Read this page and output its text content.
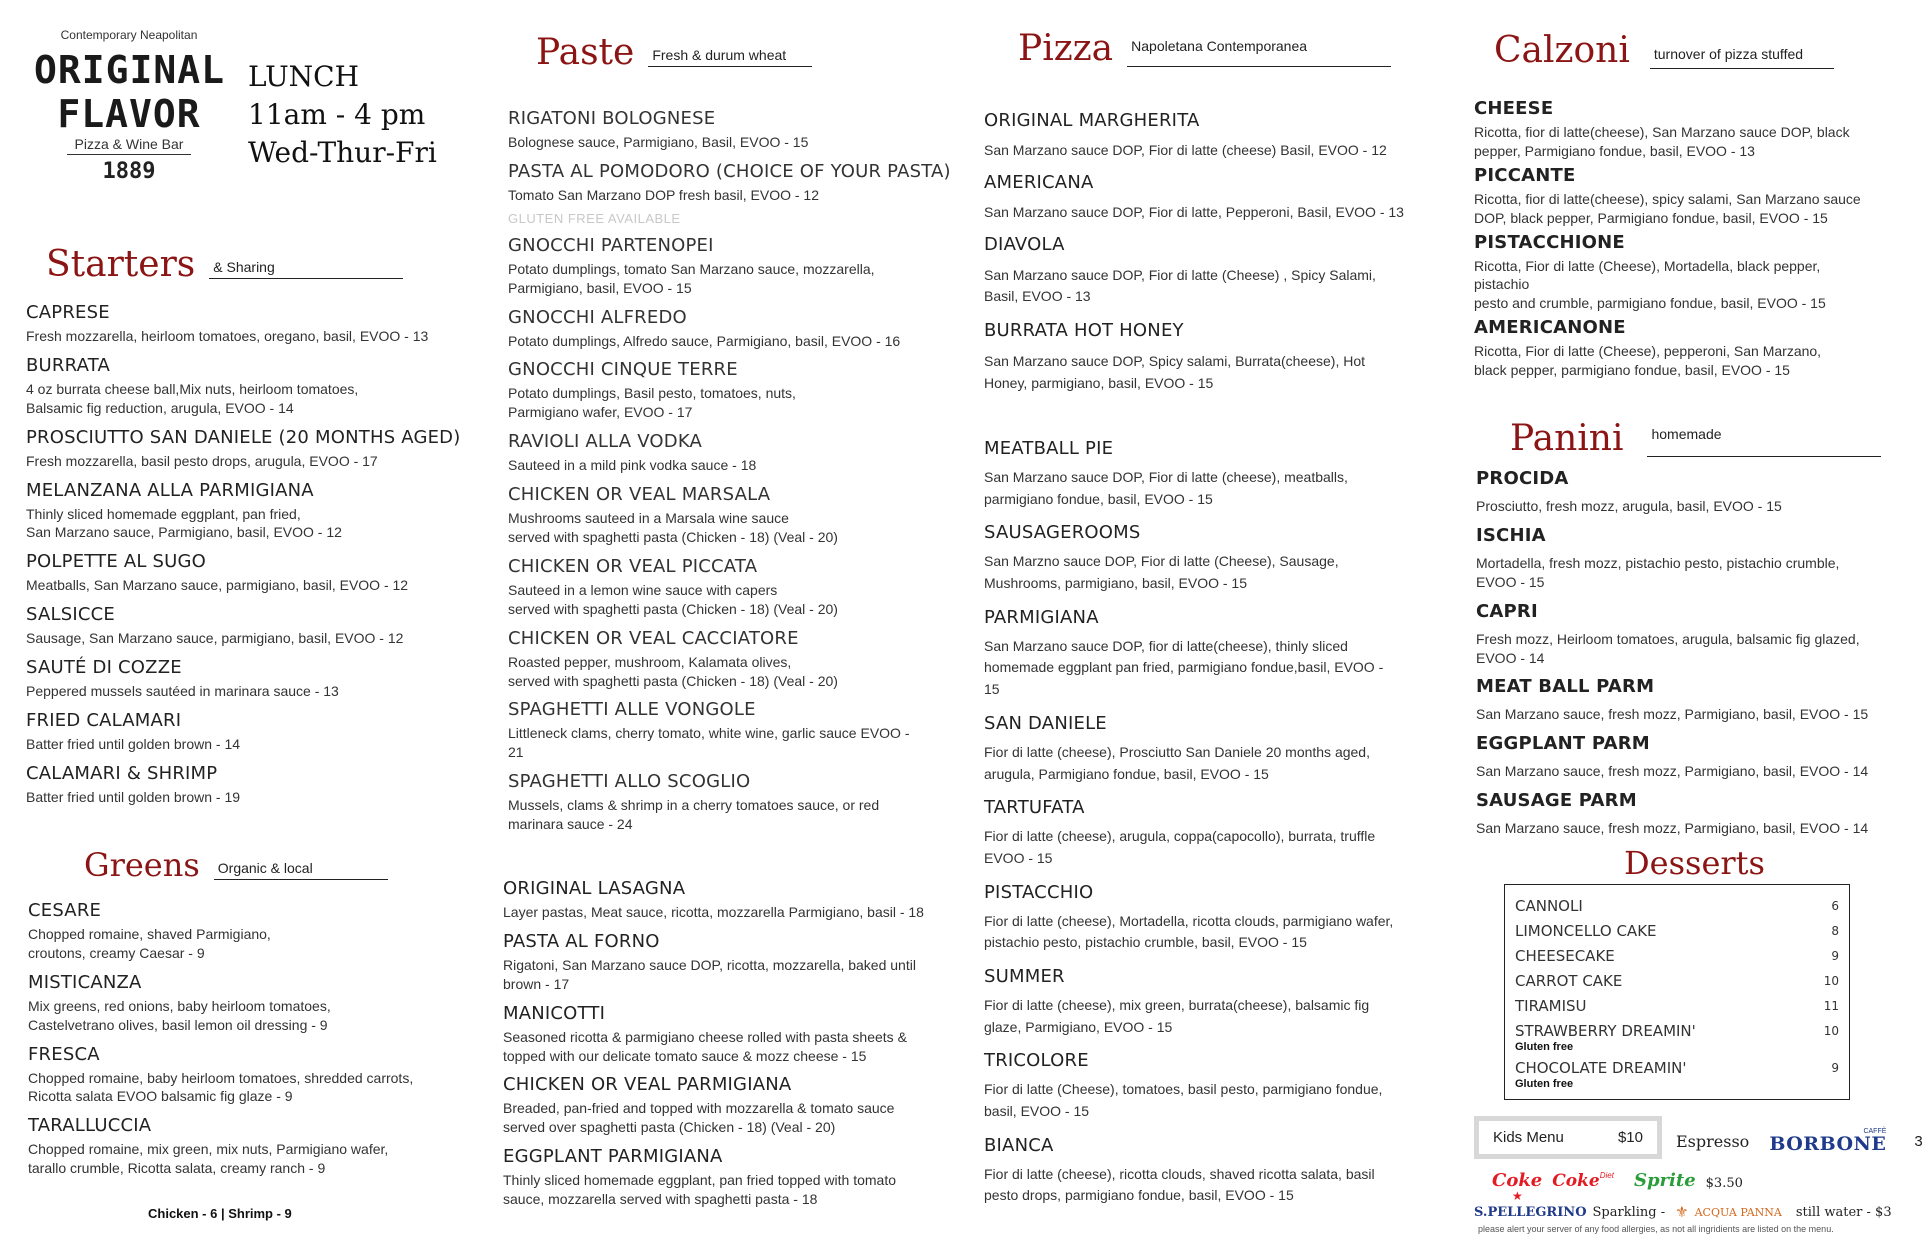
Contemporary Neapolitan
ORIGINAL
FLAVOR
Pizza & Wine Bar
1889
LUNCH
11am - 4 pm
Wed-Thur-Fri
Starters & Sharing
CAPRESE
Fresh mozzarella, heirloom tomatoes, oregano, basil, EVOO - 13
BURRATA
4 oz burrata cheese ball,Mix nuts, heirloom tomatoes,
Balsamic fig reduction, arugula, EVOO - 14
PROSCIUTTO SAN DANIELE (20 MONTHS AGED)
Fresh mozzarella, basil pesto drops, arugula, EVOO - 17
MELANZANA ALLA PARMIGIANA
Thinly sliced homemade eggplant, pan fried,
San Marzano sauce, Parmigiano, basil, EVOO - 12
POLPETTE AL SUGO
Meatballs, San Marzano sauce, parmigiano, basil, EVOO - 12
SALSICCE
Sausage, San Marzano sauce, parmigiano, basil, EVOO - 12
SAUTÉ DI COZZE
Peppered mussels sautéed in marinara sauce - 13
FRIED CALAMARI
Batter fried until golden brown - 14
CALAMARI & SHRIMP
Batter fried until golden brown - 19
Greens Organic & local
CESARE
Chopped romaine, shaved Parmigiano,
croutons, creamy Caesar - 9
MISTICANZA
Mix greens, red onions, baby heirloom tomatoes,
Castelvetrano olives, basil lemon oil dressing - 9
FRESCA
Chopped romaine, baby heirloom tomatoes, shredded carrots,
Ricotta salata EVOO balsamic fig glaze - 9
TARALLUCCIA
Chopped romaine, mix green, mix nuts, Parmigiano wafer,
tarallo crumble, Ricotta salata, creamy ranch - 9
Chicken - 6 | Shrimp - 9
Paste Fresh & durum wheat
RIGATONI BOLOGNESE
Bolognese sauce, Parmigiano, Basil, EVOO - 15
PASTA AL POMODORO (CHOICE OF YOUR PASTA)
Tomato San Marzano DOP fresh basil, EVOO - 12
GLUTEN FREE AVAILABLE
GNOCCHI PARTENOPEI
Potato dumplings, tomato San Marzano sauce, mozzarella,
Parmigiano, basil, EVOO - 15
GNOCCHI ALFREDO
Potato dumplings, Alfredo sauce, Parmigiano, basil, EVOO - 16
GNOCCHI CINQUE TERRE
Potato dumplings, Basil pesto, tomatoes, nuts,
Parmigiano wafer, EVOO - 17
RAVIOLI ALLA VODKA
Sauteed in a mild pink vodka sauce - 18
CHICKEN OR VEAL MARSALA
Mushrooms sauteed in a Marsala wine sauce
served with spaghetti pasta (Chicken - 18) (Veal - 20)
CHICKEN OR VEAL PICCATA
Sauteed in a lemon wine sauce with capers
served with spaghetti pasta (Chicken - 18) (Veal - 20)
CHICKEN OR VEAL CACCIATORE
Roasted pepper, mushroom, Kalamata olives,
served with spaghetti pasta (Chicken - 18) (Veal - 20)
SPAGHETTI ALLE VONGOLE
Littleneck clams, cherry tomato, white wine, garlic sauce EVOO -
21
SPAGHETTI ALLO SCOGLIO
Mussels, clams & shrimp in a cherry tomatoes sauce, or red
marinara sauce - 24
ORIGINAL LASAGNA
Layer pastas, Meat sauce, ricotta, mozzarella Parmigiano, basil - 18
PASTA AL FORNO
Rigatoni, San Marzano sauce DOP, ricotta, mozzarella, baked until
brown - 17
MANICOTTI
Seasoned ricotta & parmigiano cheese rolled with pasta sheets &
topped with our delicate tomato sauce & mozz cheese - 15
CHICKEN OR VEAL PARMIGIANA
Breaded, pan-fried and topped with mozzarella & tomato sauce
served over spaghetti pasta (Chicken - 18) (Veal - 20)
EGGPLANT PARMIGIANA
Thinly sliced homemade eggplant, pan fried topped with tomato
sauce, mozzarella served with spaghetti pasta - 18
Pizza Napoletana Contemporanea
ORIGINAL MARGHERITA
San Marzano sauce DOP, Fior di latte (cheese) Basil, EVOO - 12
AMERICANA
San Marzano sauce DOP, Fior di latte, Pepperoni, Basil, EVOO - 13
DIAVOLA
San Marzano sauce DOP, Fior di latte (Cheese) , Spicy Salami,
Basil, EVOO - 13
BURRATA HOT HONEY
San Marzano sauce DOP, Spicy salami, Burrata(cheese), Hot
Honey, parmigiano, basil, EVOO - 15
MEATBALL PIE
San Marzano sauce DOP, Fior di latte (cheese), meatballs,
parmigiano fondue, basil, EVOO - 15
SAUSAGEROOMS
San Marzno sauce DOP, Fior di latte (Cheese), Sausage,
Mushrooms, parmigiano, basil, EVOO - 15
PARMIGIANA
San Marzano sauce DOP, fior di latte(cheese), thinly sliced
homemade eggplant pan fried, parmigiano fondue,basil, EVOO -
15
SAN DANIELE
Fior di latte (cheese), Prosciutto San Daniele 20 months aged,
arugula, Parmigiano fondue, basil, EVOO - 15
TARTUFATA
Fior di latte (cheese), arugula, coppa(capocollo), burrata, truffle
EVOO - 15
PISTACCHIO
Fior di latte (cheese), Mortadella, ricotta clouds, parmigiano wafer,
pistachio pesto, pistachio crumble, basil, EVOO - 15
SUMMER
Fior di latte (cheese), mix green, burrata(cheese), balsamic fig
glaze, Parmigiano, EVOO - 15
TRICOLORE
Fior di latte (Cheese), tomatoes, basil pesto, parmigiano fondue,
basil, EVOO - 15
BIANCA
Fior di latte (cheese), ricotta clouds, shaved ricotta salata, basil
pesto drops, parmigiano fondue, basil, EVOO - 15
Calzoni turnover of pizza stuffed
CHEESE
Ricotta, fior di latte(cheese), San Marzano sauce DOP, black
pepper, Parmigiano fondue, basil, EVOO - 13
PICCANTE
Ricotta, fior di latte(cheese), spicy salami, San Marzano sauce
DOP, black pepper, Parmigiano fondue, basil, EVOO - 15
PISTACCHIONE
Ricotta, Fior di latte (Cheese), Mortadella, black pepper,
pistachio
pesto and crumble, parmigiano fondue, basil, EVOO - 15
AMERICANONE
Ricotta, Fior di latte (Cheese), pepperoni, San Marzano,
black pepper, parmigiano fondue, basil, EVOO - 15
Panini homemade
PROCIDA
Prosciutto, fresh mozz, arugula, basil, EVOO - 15
ISCHIA
Mortadella, fresh mozz, pistachio pesto, pistachio crumble,
EVOO - 15
CAPRI
Fresh mozz, Heirloom tomatoes, arugula, balsamic fig glazed,
EVOO - 14
MEAT BALL PARM
San Marzano sauce, fresh mozz, Parmigiano, basil, EVOO - 15
EGGPLANT PARM
San Marzano sauce, fresh mozz, Parmigiano, basil, EVOO - 14
SAUSAGE PARM
San Marzano sauce, fresh mozz, Parmigiano, basil, EVOO - 14
Desserts
CANNOLI	6
LIMONCELLO CAKE	8
CHEESECAKE	9
CARROT CAKE	10
TIRAMISU	11
STRAWBERRY DREAMIN'	10
Gluten free
CHOCOLATE DREAMIN'	9
Gluten free
Kids Menu	$10 Espresso	CAFFÈ
BORBONE 3
Coke Coke Diet Sprite $3.50
★
S.PELLEGRINO Sparkling - ⚜ ACQUA PANNA still water - $3
please alert your server of any food allergies, as not all ingridients are listed on the menu.
